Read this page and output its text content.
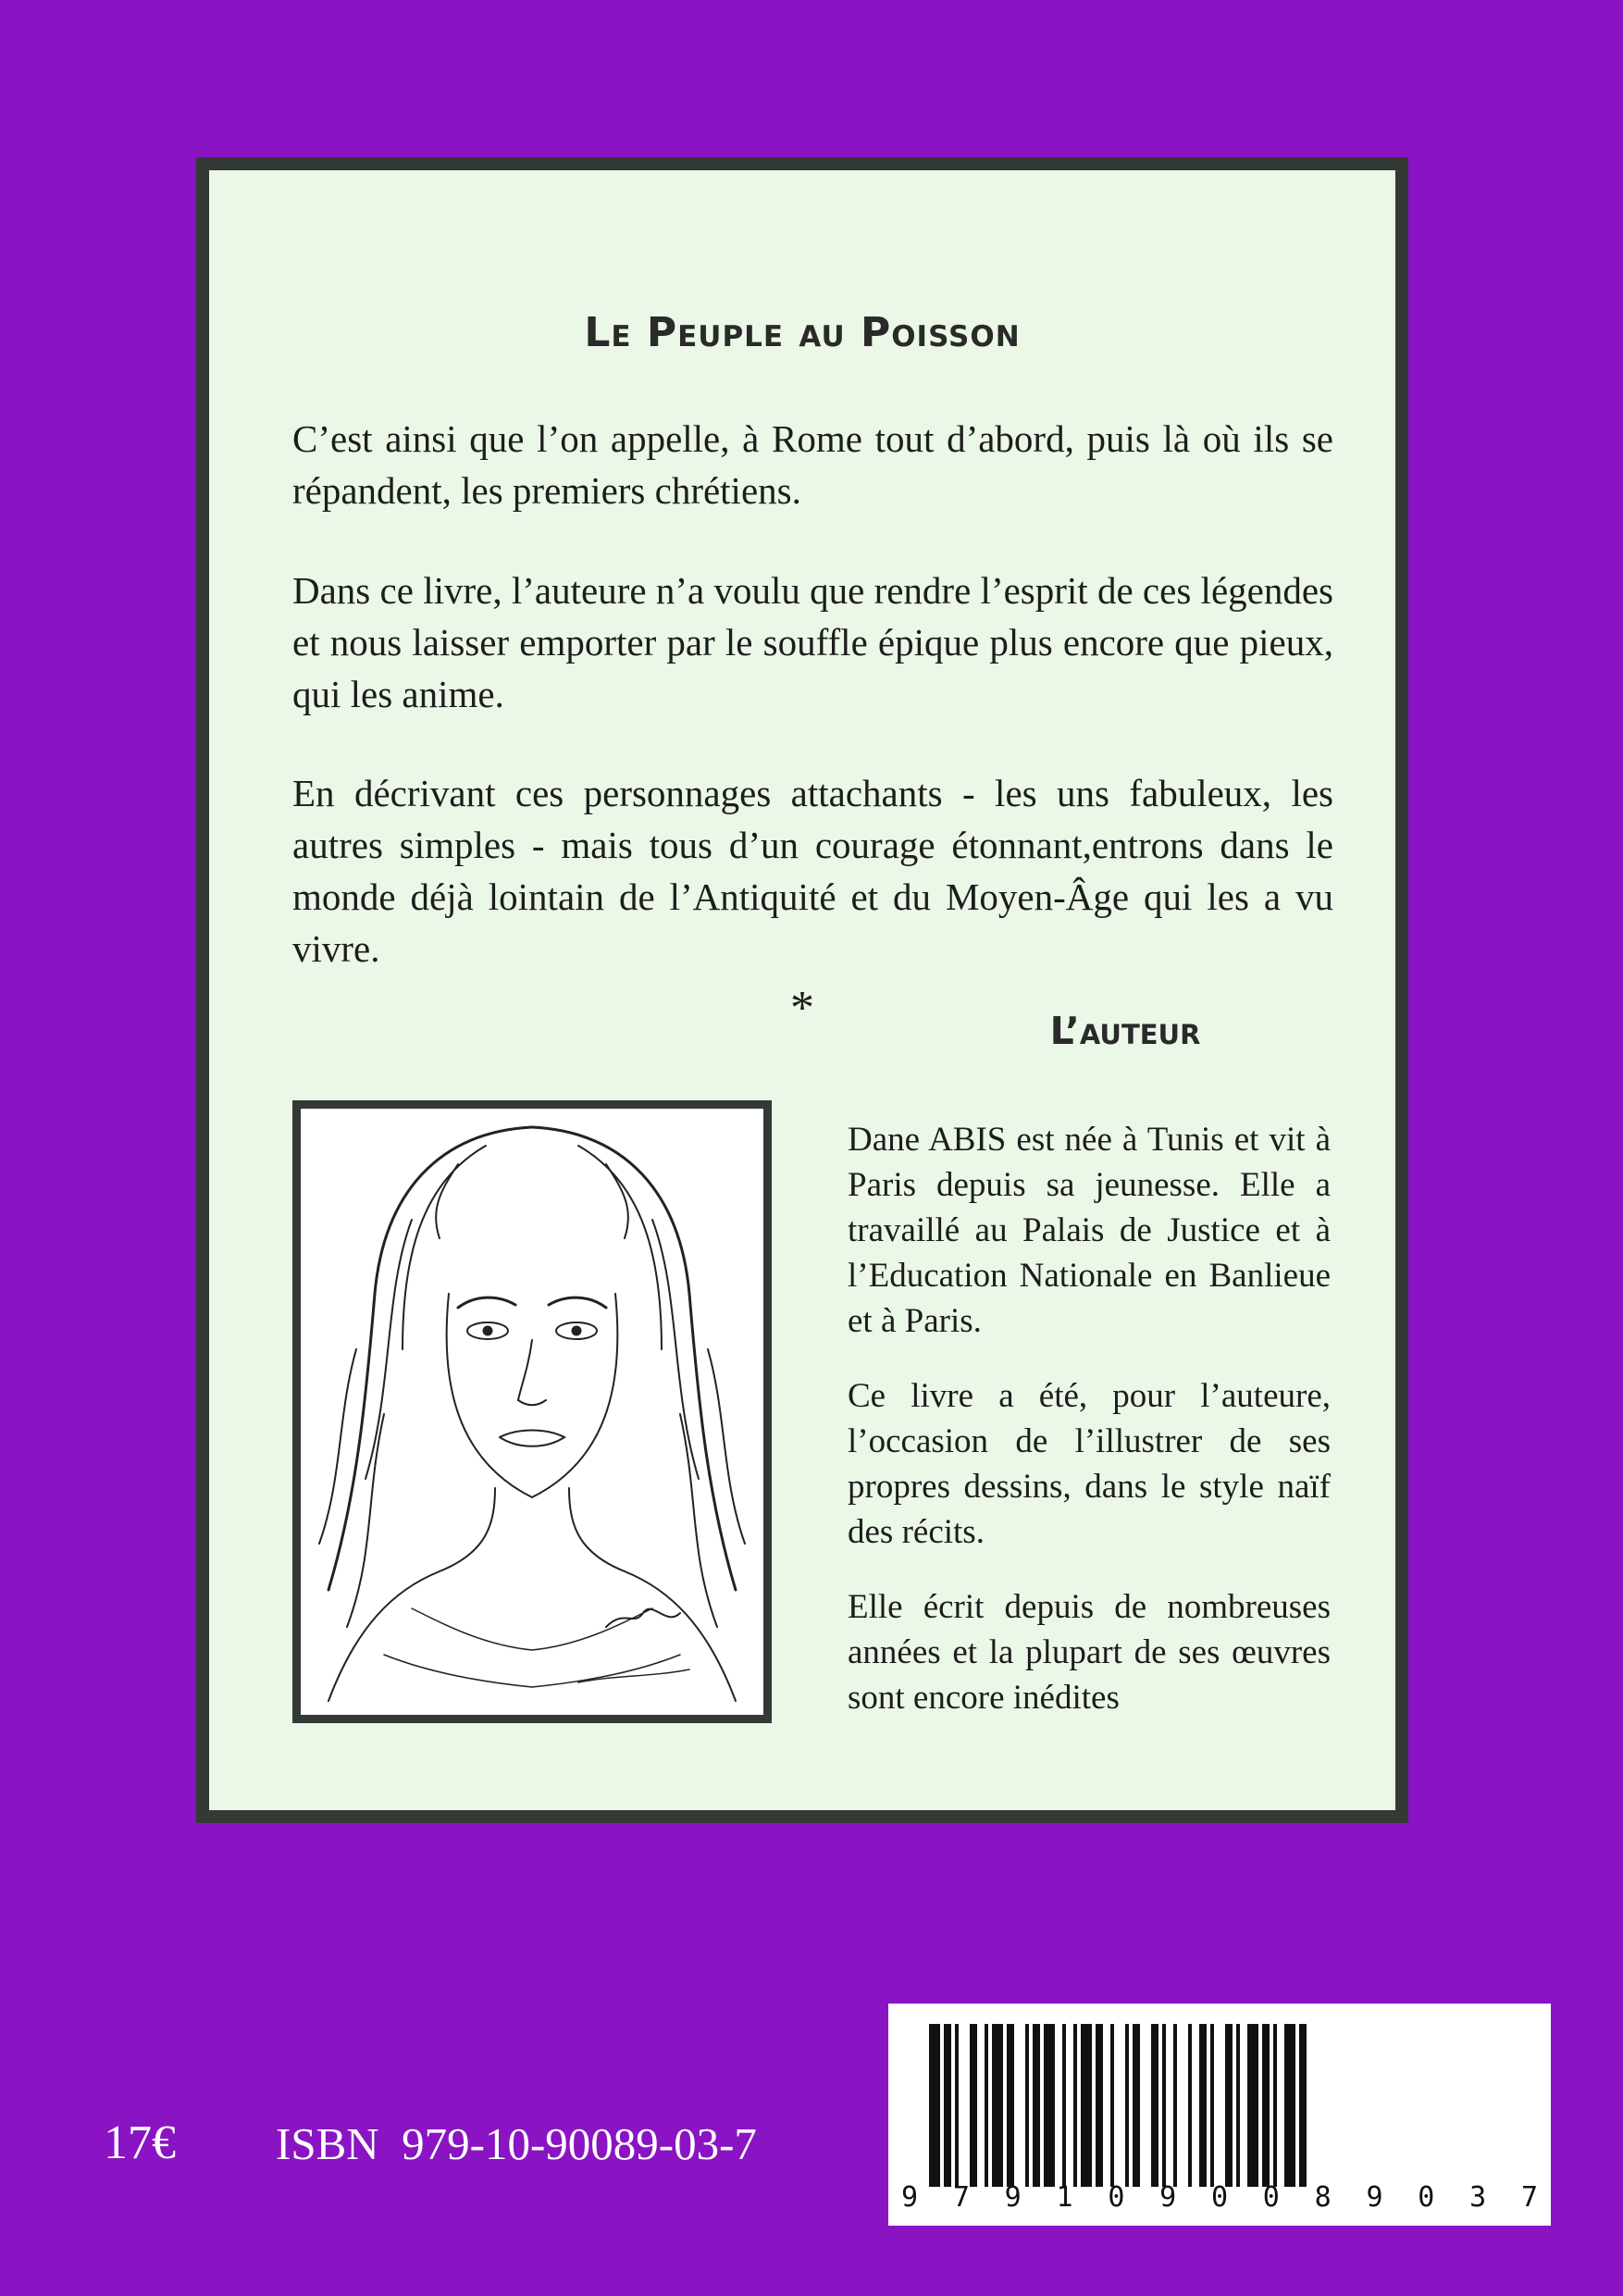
Le Peuple au Poisson

C’est ainsi que l’on appelle, à Rome tout d’abord, puis là où ils se répandent, les premiers chrétiens.

Dans ce livre, l’auteure n’a voulu que rendre l’esprit de ces légendes et nous laisser emporter par le souffle épique plus encore que pieux, qui les anime.

En décrivant ces personnages attachants - les uns fabuleux, les autres simples - mais tous d’un courage étonnant,entrons dans le monde déjà lointain de l’Antiquité et du Moyen-Âge qui les a vu vivre.

*	L’auteur
Dane ABIS est née à Tunis et vit à Paris depuis sa jeunesse. Elle a travaillé au Palais de Justice et à l’Education Nationale en Banlieue et à Paris.
Ce livre a été, pour l’auteure, l’occasion de l’illustrer de ses propres dessins, dans le style naïf des récits.
Elle écrit depuis de nombreuses années et la plupart de ses œuvres sont encore inédites
17€ ISBN 979-10-90089-03-7
9 7 9 1 0 9 0 0 8 9 0 3 7
